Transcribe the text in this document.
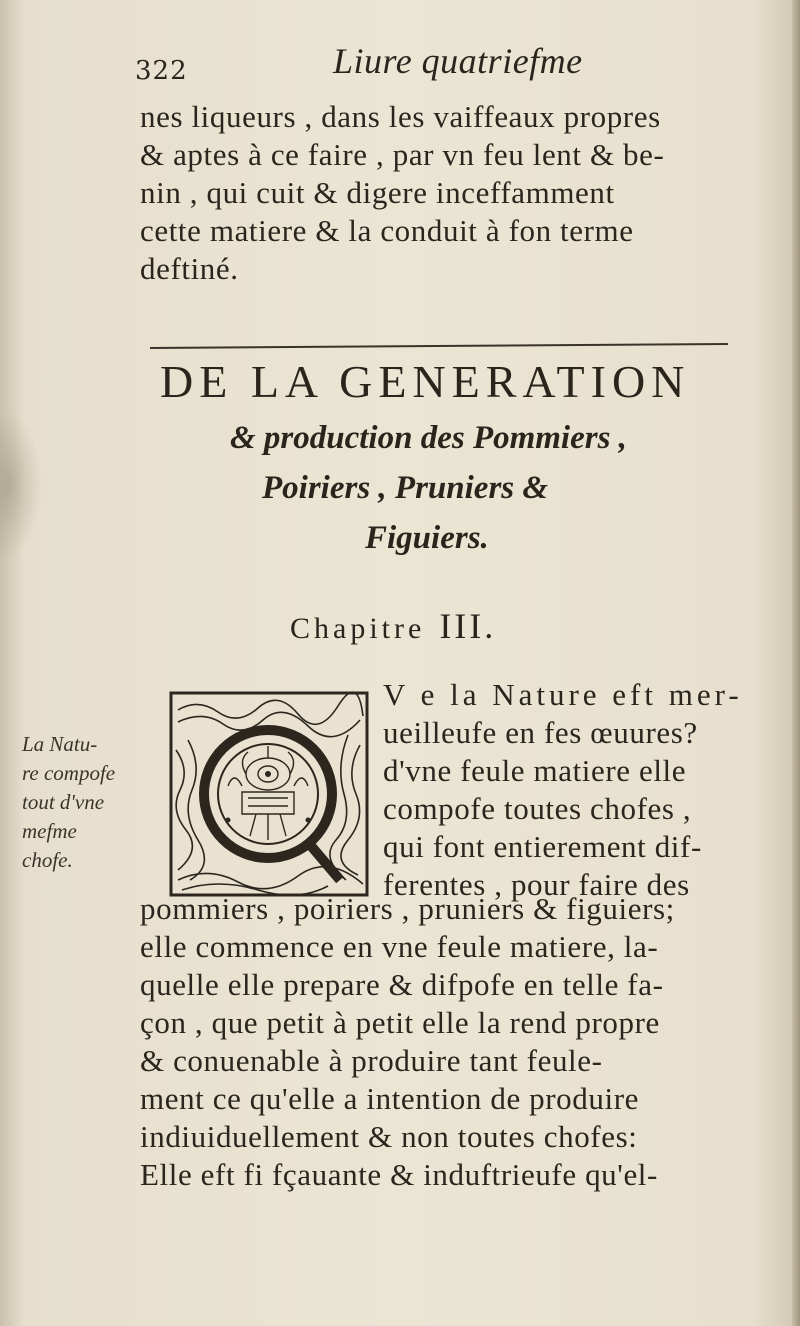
322	Liure quatriefme
nes liqueurs , dans les vaiffeaux propres
& aptes à ce faire , par vn feu lent & be-
nin , qui cuit & digere inceffamment
cette matiere & la conduit à fon terme
deftiné.
DE LA GENERATION
& production des Pommiers ,
Poiriers , Pruniers &
Figuiers.
Chapitre III.
La Natu-
re compofe
tout d'vne
mefme
chofe.
V e la Nature eft mer-
ueilleufe en fes œuures?
d'vne feule matiere elle
compofe toutes chofes ,
qui font entierement dif-
ferentes , pour faire des
pommiers , poiriers , pruniers & figuiers;
elle commence en vne feule matiere, la-
quelle elle prepare & difpofe en telle fa-
çon , que petit à petit elle la rend propre
& conuenable à produire tant feule-
ment ce qu'elle a intention de produire
indiuiduellement & non toutes chofes:
Elle eft fi fçauante & induftrieufe qu'el-
